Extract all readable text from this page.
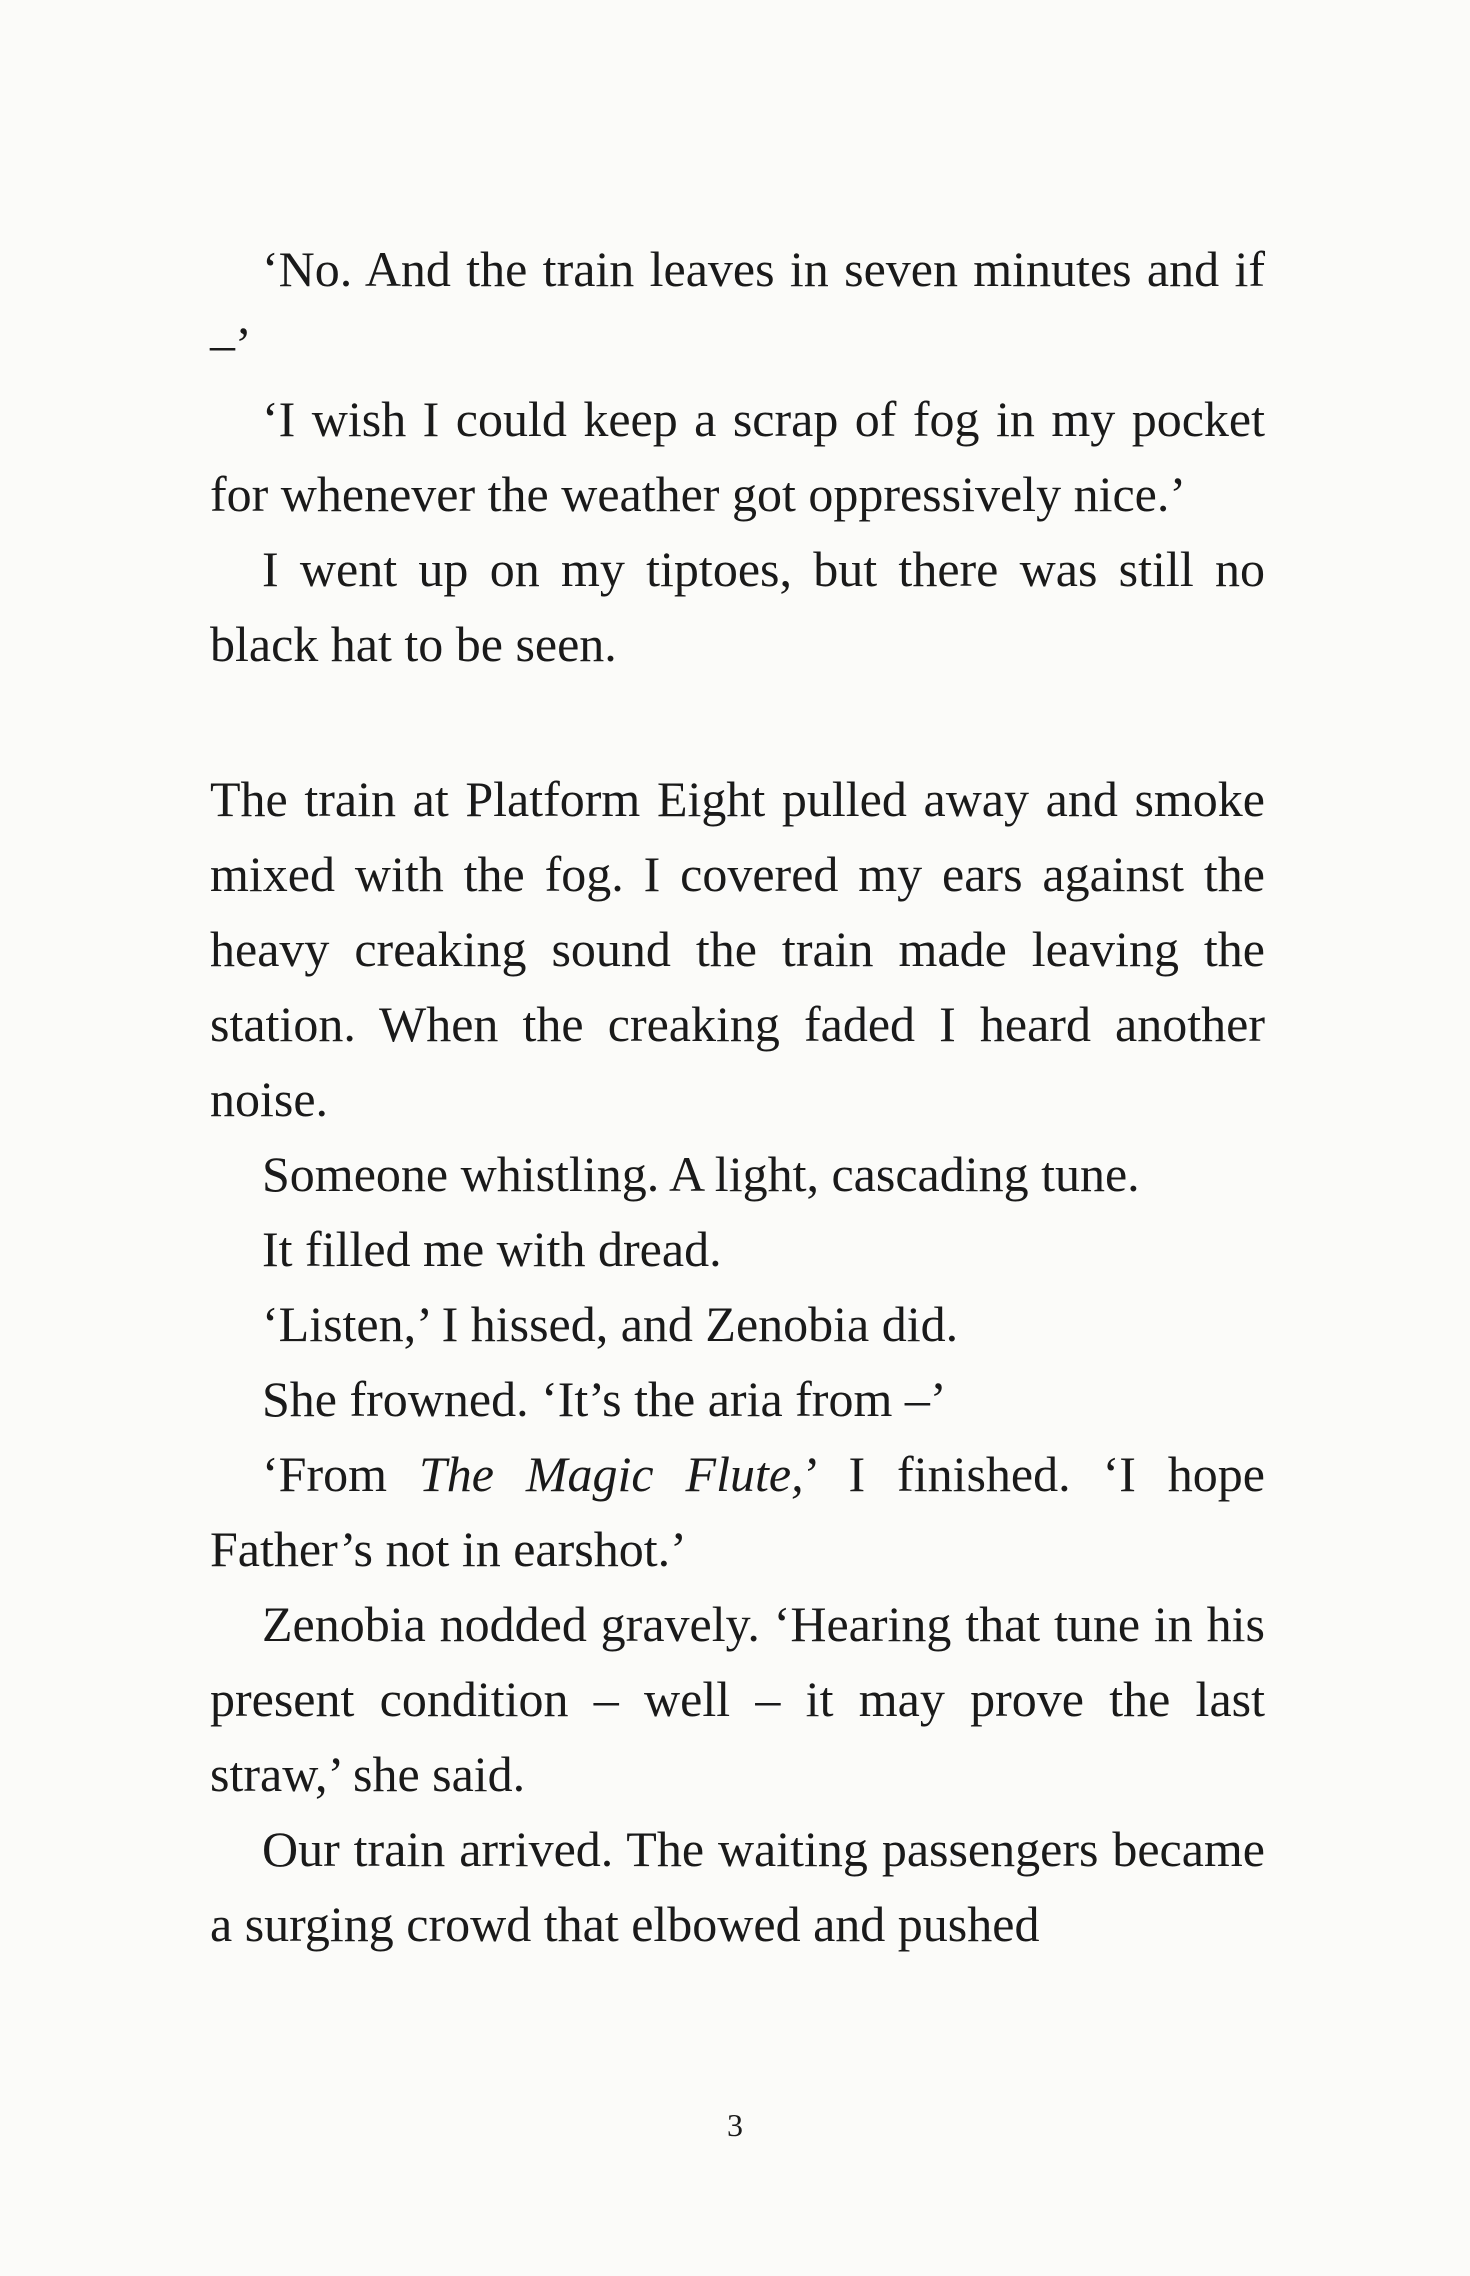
‘No. And the train leaves in seven minutes and if –’

‘I wish I could keep a scrap of fog in my pocket for whenever the weather got oppressively nice.’

I went up on my tiptoes, but there was still no black hat to be seen.

The train at Platform Eight pulled away and smoke mixed with the fog. I covered my ears against the heavy creaking sound the train made leaving the station. When the creaking faded I heard another noise.

Someone whistling. A light, cascading tune.

It filled me with dread.

‘Listen,’ I hissed, and Zenobia did.

She frowned. ‘It’s the aria from –’

‘From The Magic Flute,’ I finished. ‘I hope Father’s not in earshot.’

Zenobia nodded gravely. ‘Hearing that tune in his present condition – well – it may prove the last straw,’ she said.

Our train arrived. The waiting passengers became a surging crowd that elbowed and pushed

3
